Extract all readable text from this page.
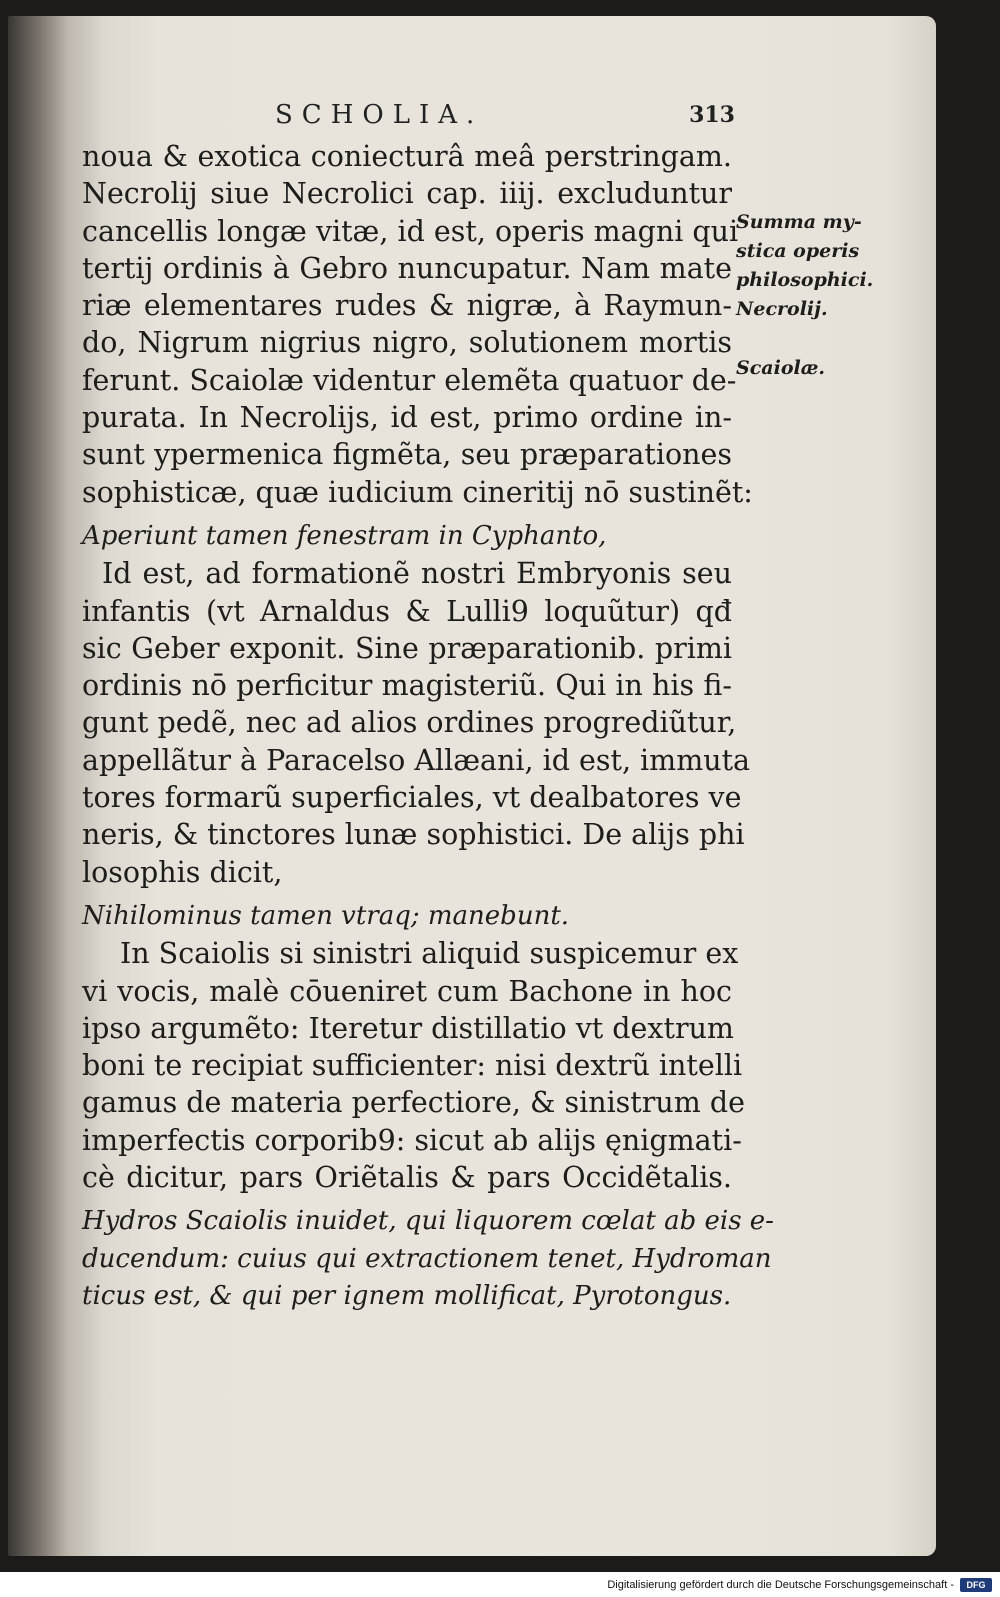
SCHOLIA.	313
noua & exotica coniecturâ meâ perstringam.
Necrolij siue Necrolici cap. iiij. excluduntur
cancellis longæ vitæ, id est, operis magni qui
tertij ordinis à Gebro nuncupatur. Nam mate
riæ elementares rudes & nigræ, à Raymun-
do, Nigrum nigrius nigro, solutionem mortis
ferunt. Scaiolæ videntur elemẽta quatuor de-
purata. In Necrolijs, id est, primo ordine in-
sunt ypermenica figmẽta, seu præparationes
sophisticæ, quæ iudicium cineritij nō sustinẽt:
Aperiunt tamen fenestram in Cyphanto,
Id est, ad formationẽ nostri Embryonis seu
infantis (vt Arnaldus & Lulli9 loquũtur) qđ
sic Geber exponit. Sine præparationib. primi
ordinis nō perficitur magisteriũ. Qui in his fi-
gunt pedẽ, nec ad alios ordines progrediũtur,
appellãtur à Paracelso Allæani, id est, immuta
tores formarũ superficiales, vt dealbatores ve
neris, & tinctores lunæ sophistici. De alijs phi
losophis dicit,
Nihilominus tamen vtraq; manebunt.
In Scaiolis si sinistri aliquid suspicemur ex
vi vocis, malè cōueniret cum Bachone in hoc
ipso argumẽto: Iteretur distillatio vt dextrum
boni te recipiat sufficienter: nisi dextrũ intelli
gamus de materia perfectiore, & sinistrum de
imperfectis corporib9: sicut ab alijs ęnigmati-
cè dicitur, pars Oriẽtalis & pars Occidẽtalis.
Hydros Scaiolis inuidet, qui liquorem cœlat ab eis e-
ducendum: cuius qui extractionem tenet, Hydroman
ticus est, & qui per ignem mollificat, Pyrotongus.
Summa my-
stica operis
philosophici.
Necrolij.
Scaiolæ.
Digitalisierung gefördert durch die Deutsche Forschungsgemeinschaft -	DFG
